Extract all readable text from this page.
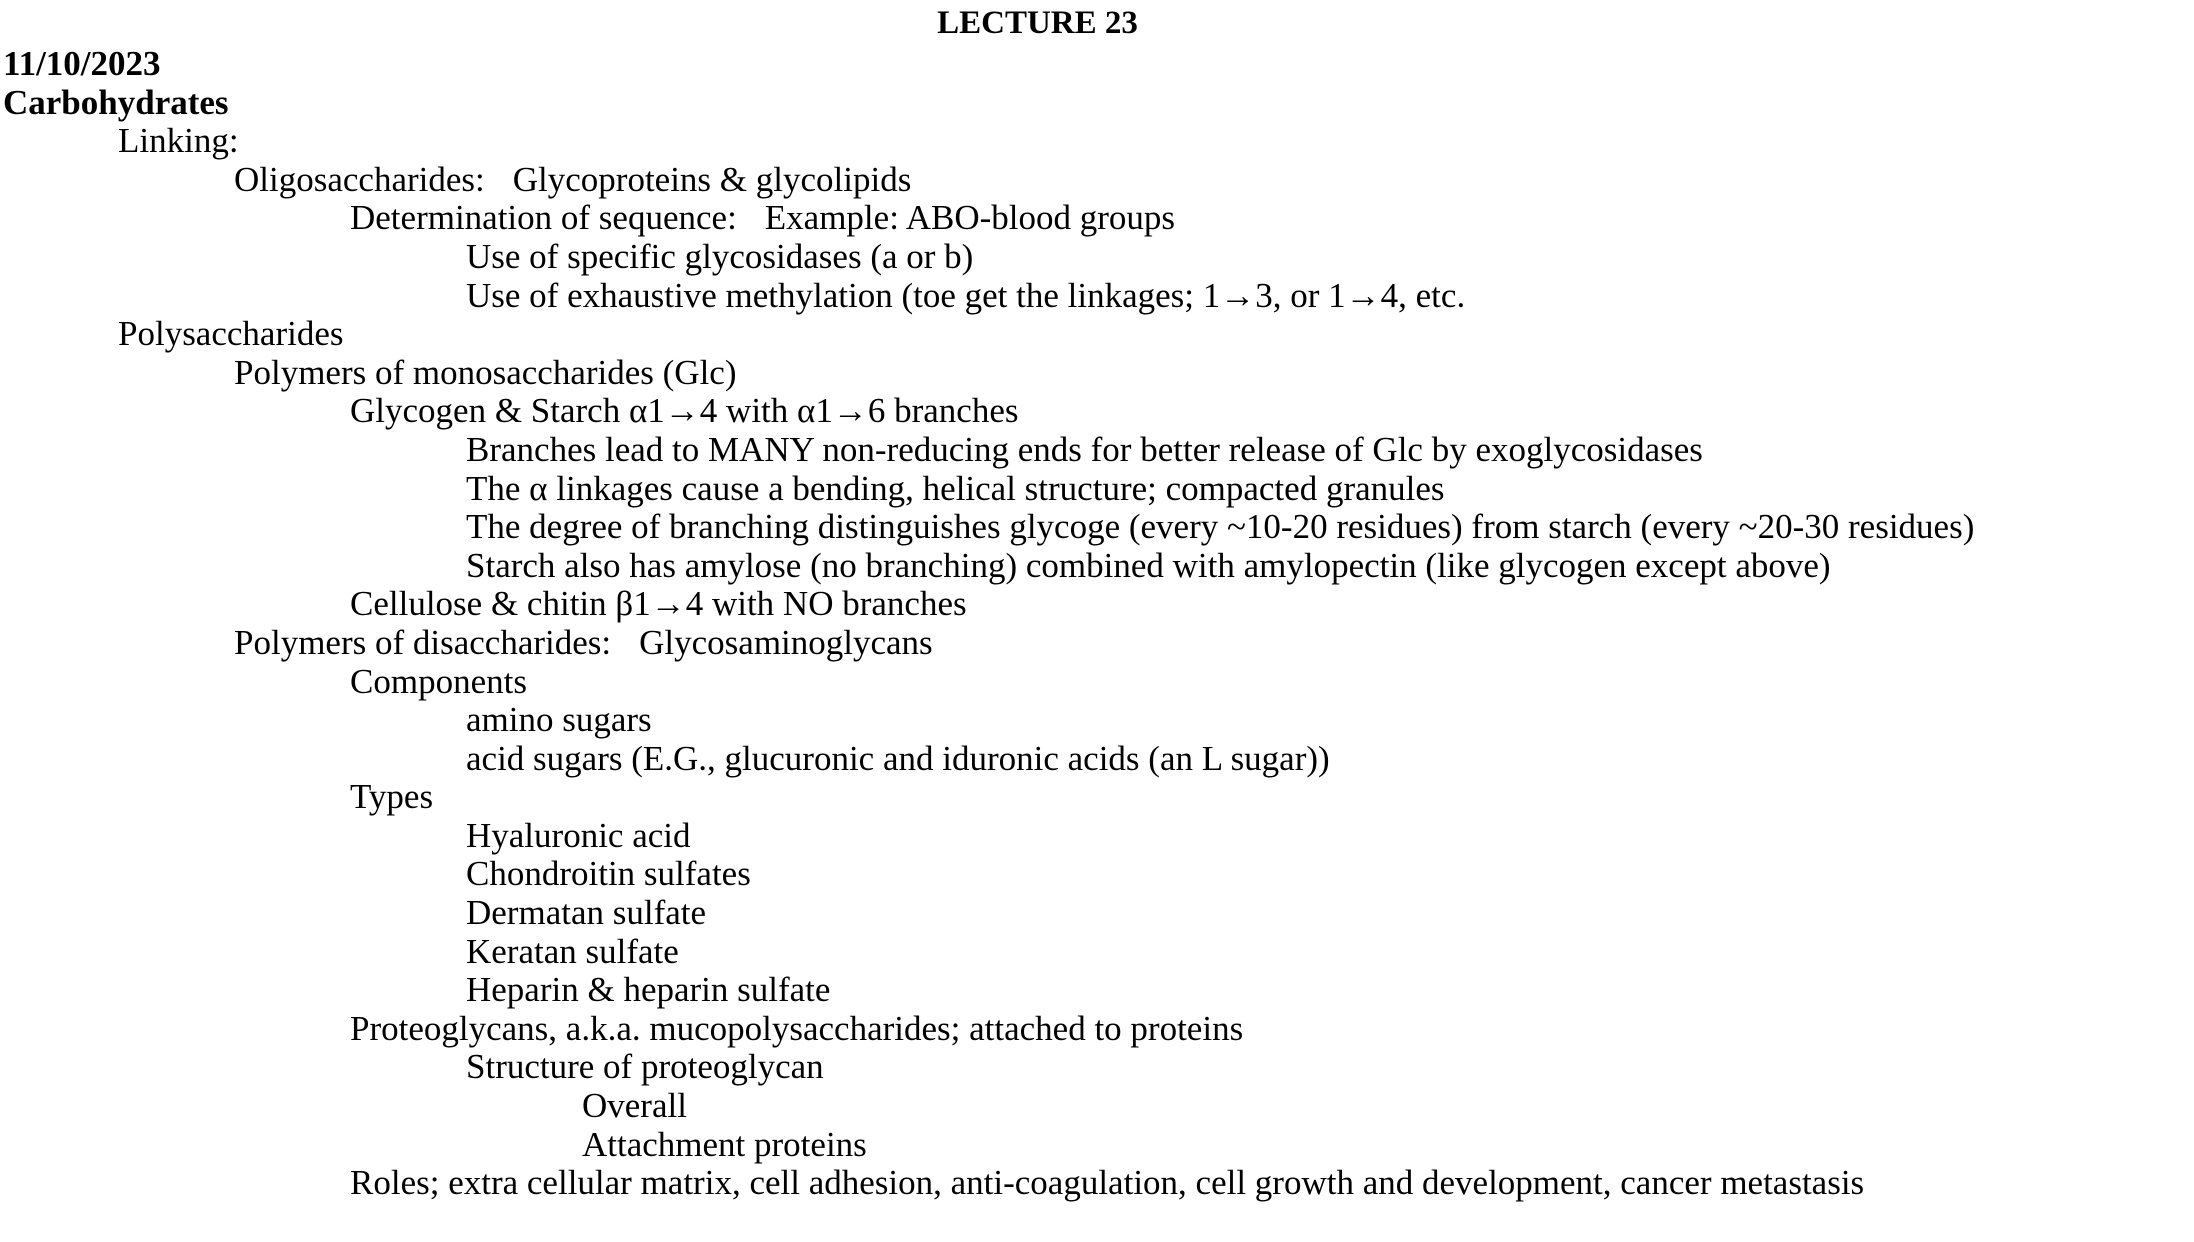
LECTURE 23
11/10/2023
Carbohydrates
Linking:
Oligosaccharides: Glycoproteins & glycolipids
Determination of sequence: Example: ABO-blood groups
Use of specific glycosidases (a or b)
Use of exhaustive methylation (toe get the linkages; 1→3, or 1→4, etc.
Polysaccharides
Polymers of monosaccharides (Glc)
Glycogen & Starch α1→4 with α1→6 branches
Branches lead to MANY non-reducing ends for better release of Glc by exoglycosidases
The α linkages cause a bending, helical structure; compacted granules
The degree of branching distinguishes glycoge (every ~10-20 residues) from starch (every ~20-30 residues)
Starch also has amylose (no branching) combined with amylopectin (like glycogen except above)
Cellulose & chitin β1→4 with NO branches
Polymers of disaccharides: Glycosaminoglycans
Components
amino sugars
acid sugars (E.G., glucuronic and iduronic acids (an L sugar))
Types
Hyaluronic acid
Chondroitin sulfates
Dermatan sulfate
Keratan sulfate
Heparin & heparin sulfate
Proteoglycans, a.k.a. mucopolysaccharides; attached to proteins
Structure of proteoglycan
Overall
Attachment proteins
Roles; extra cellular matrix, cell adhesion, anti-coagulation, cell growth and development, cancer metastasis
